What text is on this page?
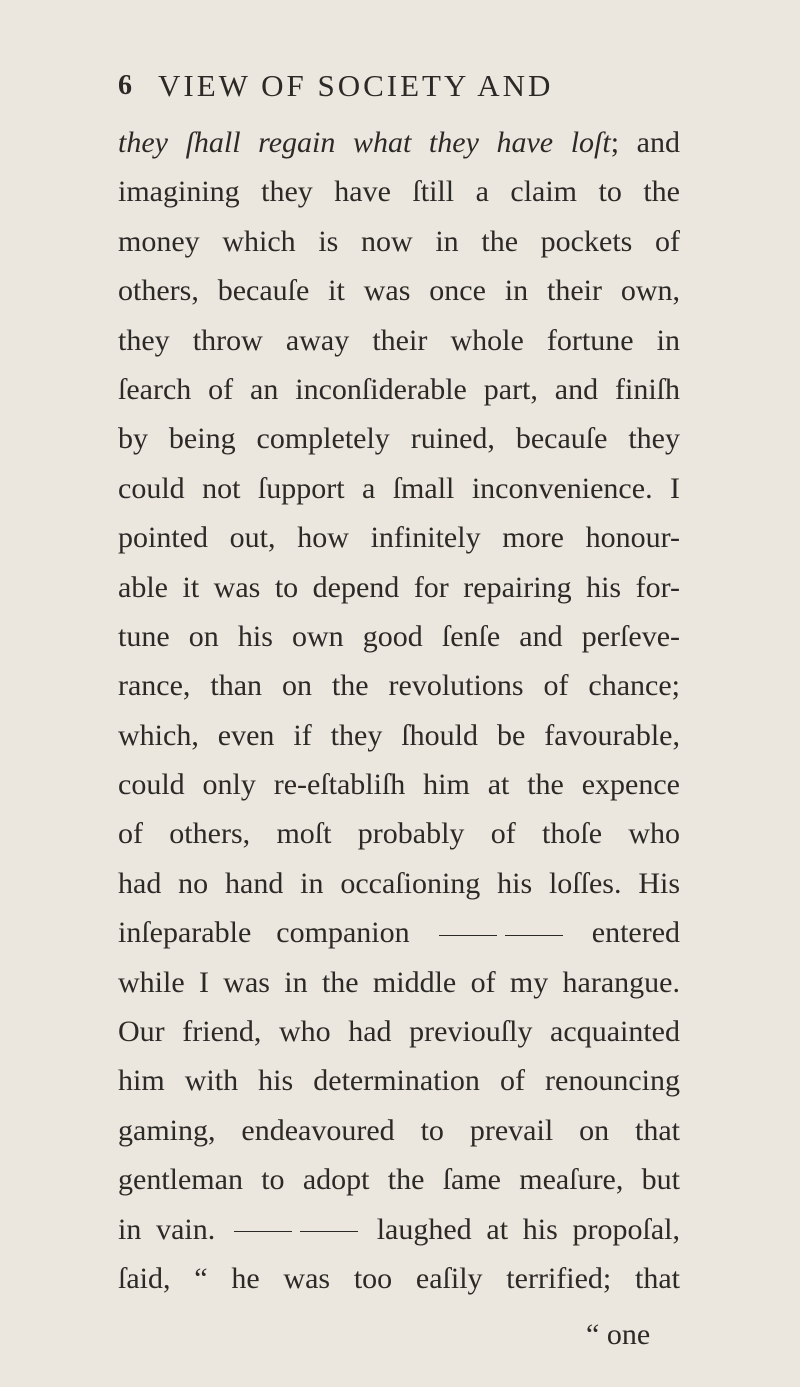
6 VIEW OF SOCIETY AND
they ſhall regain what they have loſt; and
imagining they have ſtill a claim to the
money which is now in the pockets of
others, becauſe it was once in their own,
they throw away their whole fortune in
ſearch of an inconſiderable part, and finiſh
by being completely ruined, becauſe they
could not ſupport a ſmall inconvenience. I
pointed out, how infinitely more honour-
able it was to depend for repairing his for-
tune on his own good ſenſe and perſeve-
rance, than on the revolutions of chance;
which, even if they ſhould be favourable,
could only re-eſtabliſh him at the expence
of others, moſt probably of thoſe who
had no hand in occaſioning his loſſes. His
inſeparable companion	entered
while I was in the middle of my harangue.
Our friend, who had previouſly acquainted
him with his determination of renouncing
gaming, endeavoured to prevail on that
gentleman to adopt the ſame meaſure, but
in vain.	laughed at his propoſal,
ſaid, “ he was too eaſily terrified; that
“ one
